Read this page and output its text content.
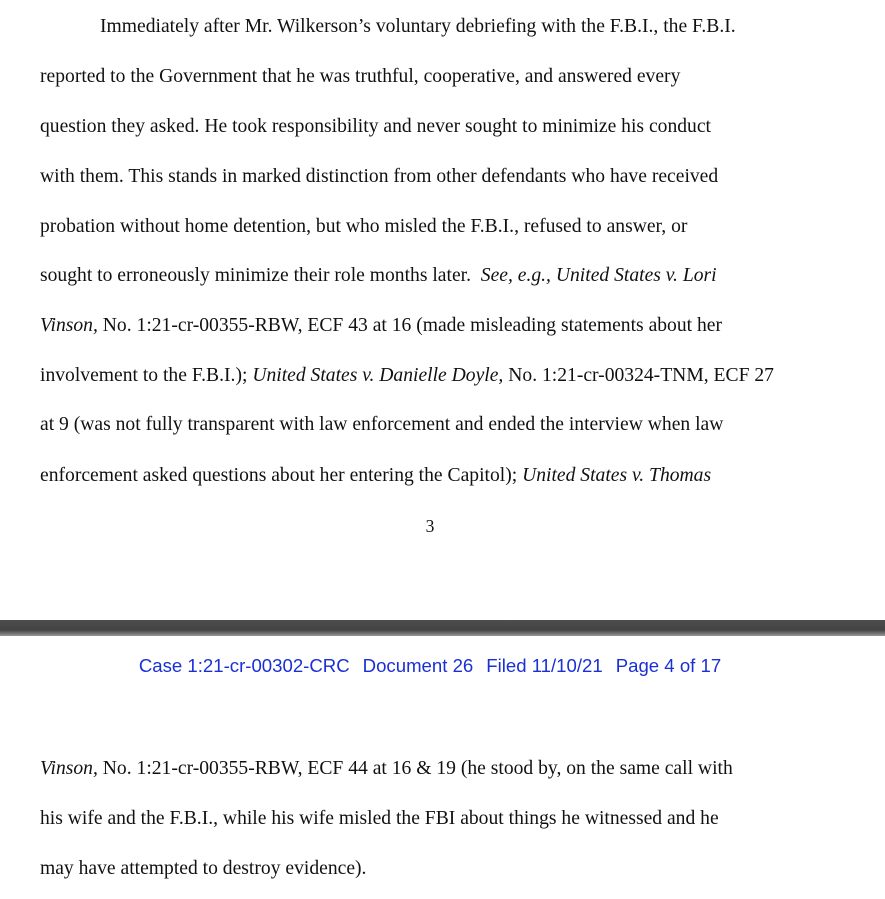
Immediately after Mr. Wilkerson’s voluntary debriefing with the F.B.I., the F.B.I.
reported to the Government that he was truthful, cooperative, and answered every
question they asked. He took responsibility and never sought to minimize his conduct
with them. This stands in marked distinction from other defendants who have received
probation without home detention, but who misled the F.B.I., refused to answer, or
sought to erroneously minimize their role months later. See, e.g., United States v. Lori
Vinson, No. 1:21-cr-00355-RBW, ECF 43 at 16 (made misleading statements about her
involvement to the F.B.I.); United States v. Danielle Doyle, No. 1:21-cr-00324-TNM, ECF 27
at 9 (was not fully transparent with law enforcement and ended the interview when law
enforcement asked questions about her entering the Capitol); United States v. Thomas
3
Case 1:21-cr-00302-CRC Document 26 Filed 11/10/21 Page 4 of 17
Vinson, No. 1:21-cr-00355-RBW, ECF 44 at 16 & 19 (he stood by, on the same call with
his wife and the F.B.I., while his wife misled the FBI about things he witnessed and he
may have attempted to destroy evidence).
